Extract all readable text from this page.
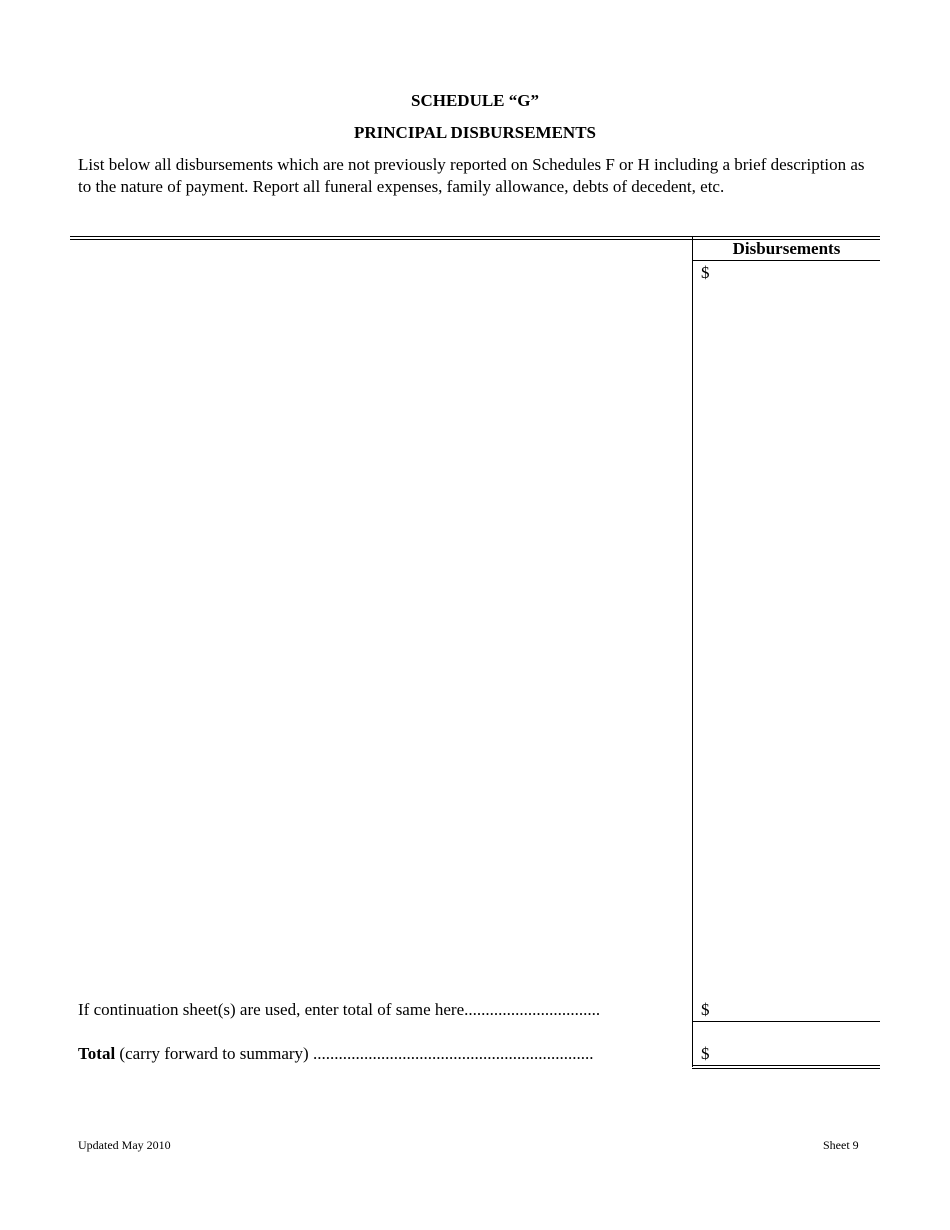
SCHEDULE “G”
PRINCIPAL DISBURSEMENTS
List below all disbursements which are not previously reported on Schedules F or H including a brief description as to the nature of payment. Report all funeral expenses, family allowance, debts of decedent, etc.
Disbursements
$
If continuation sheet(s) are used, enter total of same here................................	$
Total (carry forward to summary) ..................................................................	$
Updated May 2010	Sheet 9
